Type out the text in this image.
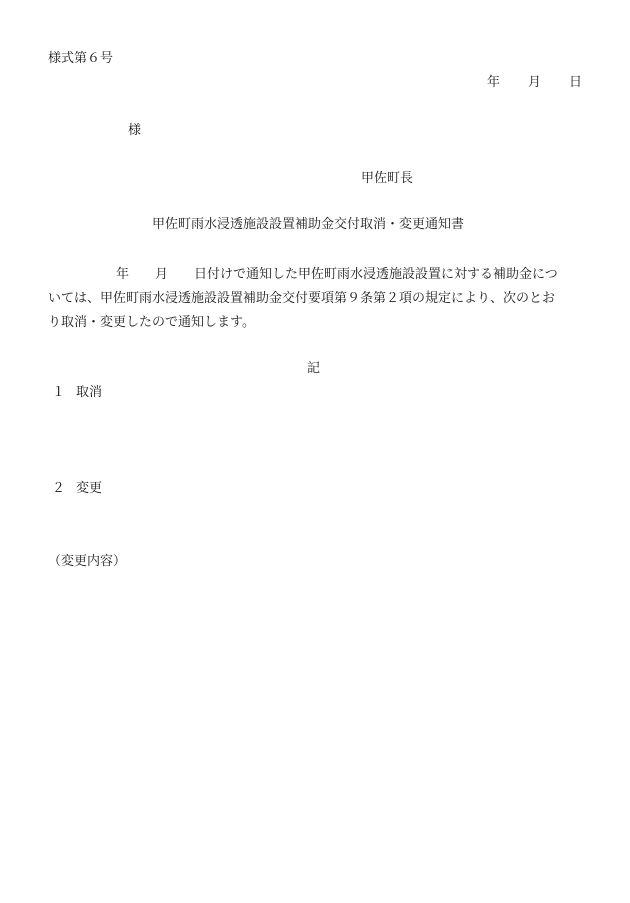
様式第６号
年 月 日
様
甲佐町長
甲佐町雨水浸透施設設置補助金交付取消・変更通知書
年 月 日付けで通知した甲佐町雨水浸透施設設置に対する補助金につ
いては、甲佐町雨水浸透施設設置補助金交付要項第９条第２項の規定により、次のとお
り取消・変更したので通知します。
記
１ 取消
２ 変更
（変更内容）
